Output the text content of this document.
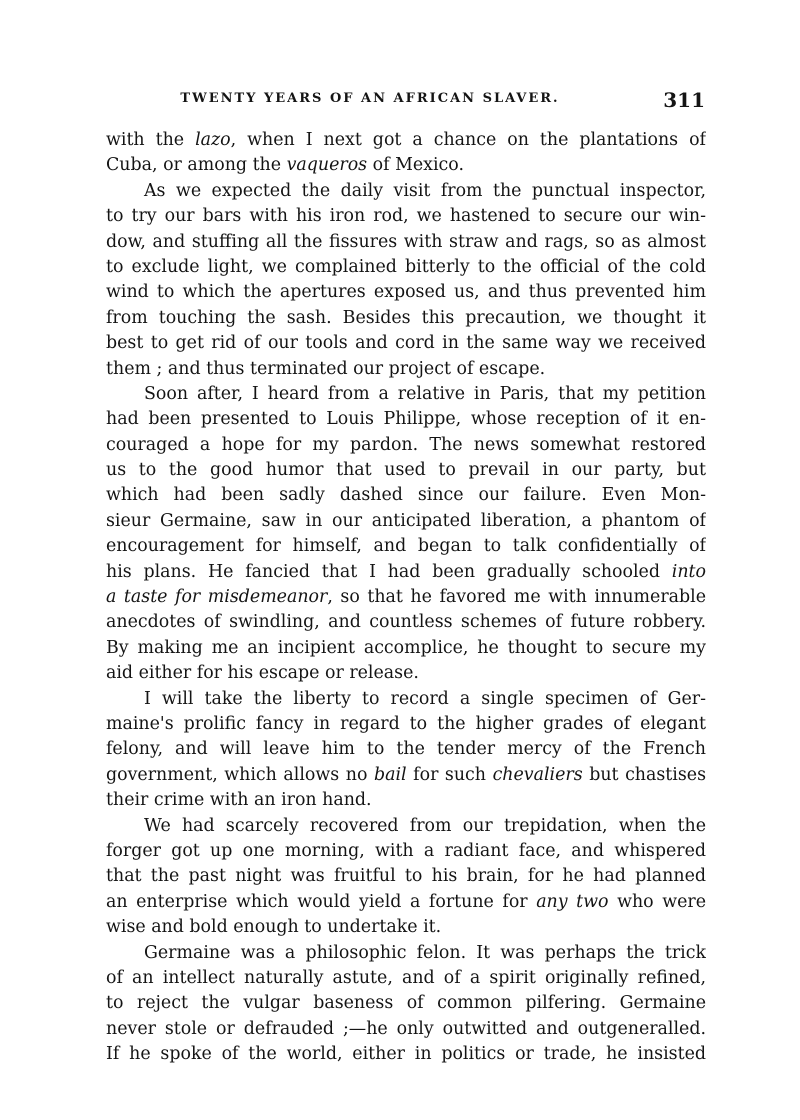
TWENTY YEARS OF AN AFRICAN SLAVER.	311
with the lazo, when I next got a chance on the plantations of
Cuba, or among the vaqueros of Mexico.
As we expected the daily visit from the punctual inspector,
to try our bars with his iron rod, we hastened to secure our win-
dow, and stuffing all the fissures with straw and rags, so as almost
to exclude light, we complained bitterly to the official of the cold
wind to which the apertures exposed us, and thus prevented him
from touching the sash. Besides this precaution, we thought it
best to get rid of our tools and cord in the same way we received
them ; and thus terminated our project of escape.
Soon after, I heard from a relative in Paris, that my petition
had been presented to Louis Philippe, whose reception of it en-
couraged a hope for my pardon. The news somewhat restored
us to the good humor that used to prevail in our party, but
which had been sadly dashed since our failure. Even Mon-
sieur Germaine, saw in our anticipated liberation, a phantom of
encouragement for himself, and began to talk confidentially of
his plans. He fancied that I had been gradually schooled into
a taste for misdemeanor, so that he favored me with innumerable
anecdotes of swindling, and countless schemes of future robbery.
By making me an incipient accomplice, he thought to secure my
aid either for his escape or release.
I will take the liberty to record a single specimen of Ger-
maine's prolific fancy in regard to the higher grades of elegant
felony, and will leave him to the tender mercy of the French
government, which allows no bail for such chevaliers but chastises
their crime with an iron hand.
We had scarcely recovered from our trepidation, when the
forger got up one morning, with a radiant face, and whispered
that the past night was fruitful to his brain, for he had planned
an enterprise which would yield a fortune for any two who were
wise and bold enough to undertake it.
Germaine was a philosophic felon. It was perhaps the trick
of an intellect naturally astute, and of a spirit originally refined,
to reject the vulgar baseness of common pilfering. Germaine
never stole or defrauded ;—he only outwitted and outgeneralled.
If he spoke of the world, either in politics or trade, he insisted
